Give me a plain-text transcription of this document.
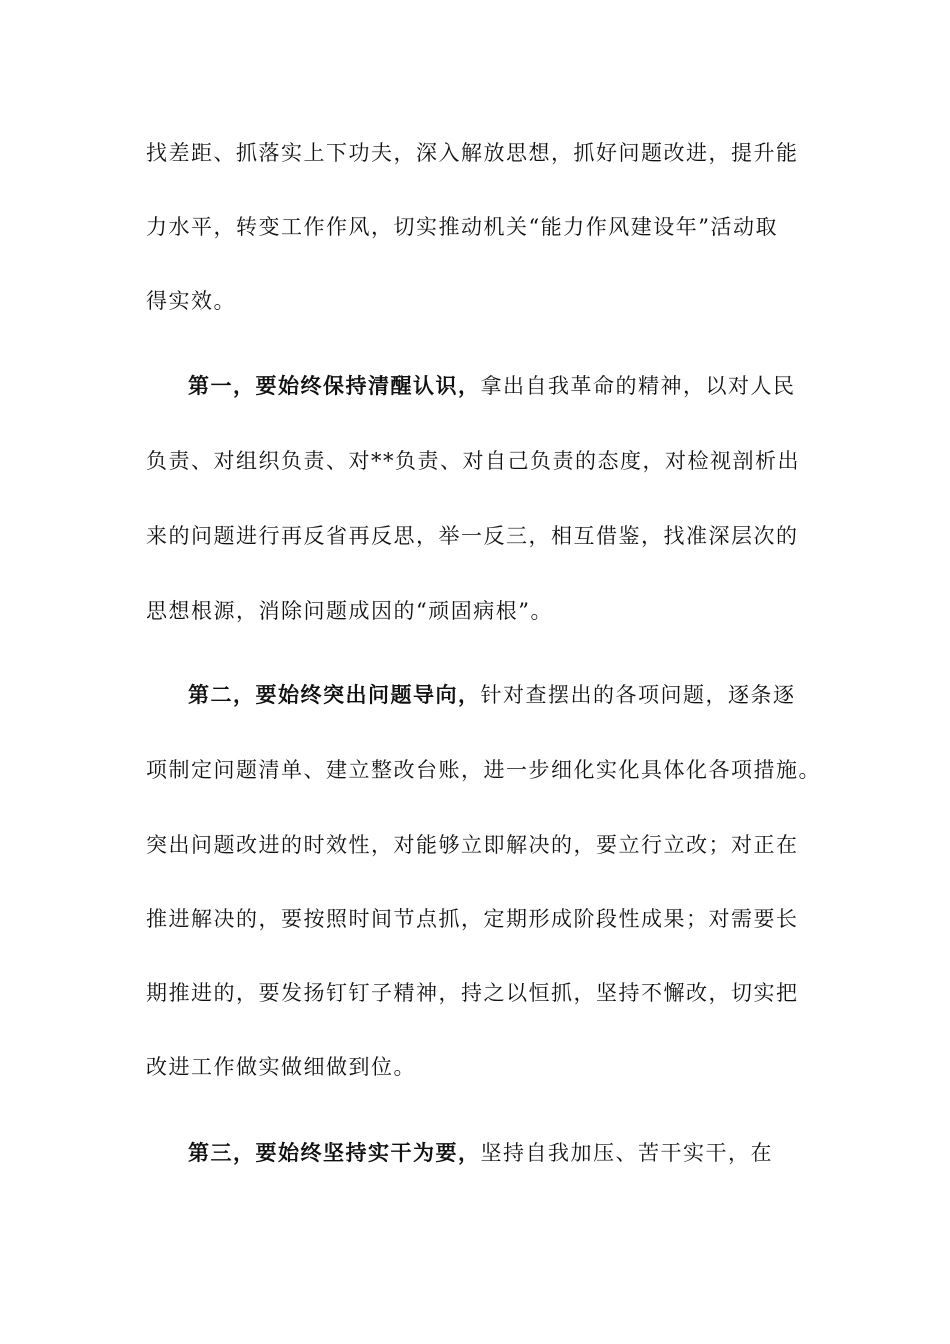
找差距、抓落实上下功夫，深入解放思想，抓好问题改进，提升能
力水平，转变工作作风，切实推动机关“能力作风建设年”活动取
得实效。
第一，要始终保持清醒认识，拿出自我革命的精神，以对人民
负责、对组织负责、对**负责、对自己负责的态度，对检视剖析出
来的问题进行再反省再反思，举一反三，相互借鉴，找准深层次的
思想根源，消除问题成因的“顽固病根”。
第二，要始终突出问题导向，针对查摆出的各项问题，逐条逐
项制定问题清单、建立整改台账，进一步细化实化具体化各项措施。
突出问题改进的时效性，对能够立即解决的，要立行立改；对正在
推进解决的，要按照时间节点抓，定期形成阶段性成果；对需要长
期推进的，要发扬钉钉子精神，持之以恒抓，坚持不懈改，切实把
改进工作做实做细做到位。
第三，要始终坚持实干为要，坚持自我加压、苦干实干，在
